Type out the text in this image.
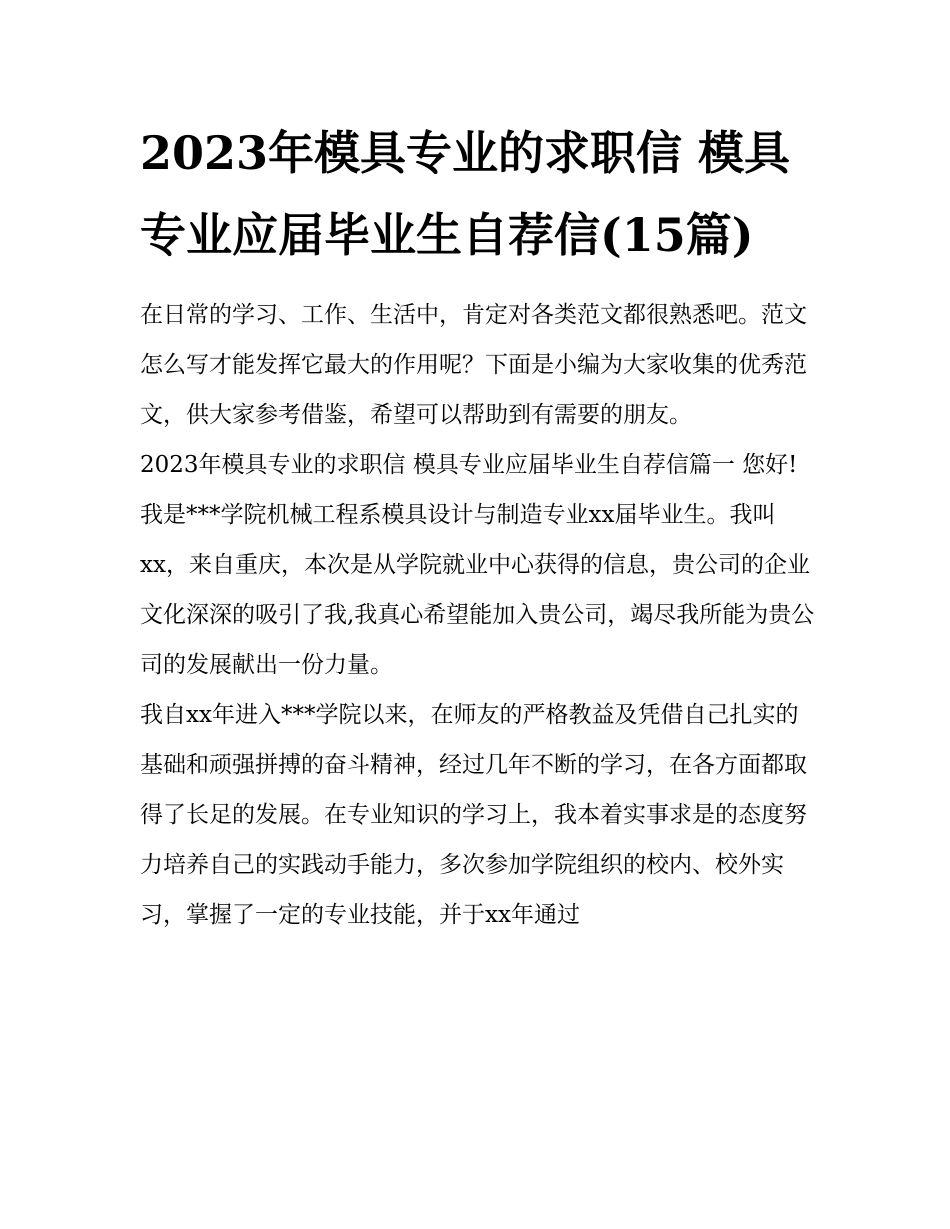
2023年模具专业的求职信 模具专业应届毕业生自荐信(15篇)

在日常的学习、工作、生活中，肯定对各类范文都很熟悉吧。范文怎么写才能发挥它最大的作用呢？下面是小编为大家收集的优秀范文，供大家参考借鉴，希望可以帮助到有需要的朋友。

2023年模具专业的求职信 模具专业应届毕业生自荐信篇一 您好!

我是***学院机械工程系模具设计与制造专业xx届毕业生。我叫xx，来自重庆，本次是从学院就业中心获得的信息，贵公司的企业文化深深的吸引了我,我真心希望能加入贵公司，竭尽我所能为贵公司的发展献出一份力量。

我自xx年进入***学院以来，在师友的严格教益及凭借自己扎实的基础和顽强拼搏的奋斗精神，经过几年不断的学习，在各方面都取得了长足的发展。在专业知识的学习上，我本着实事求是的态度努力培养自己的实践动手能力，多次参加学院组织的校内、校外实习，掌握了一定的专业技能，并于xx年通过
